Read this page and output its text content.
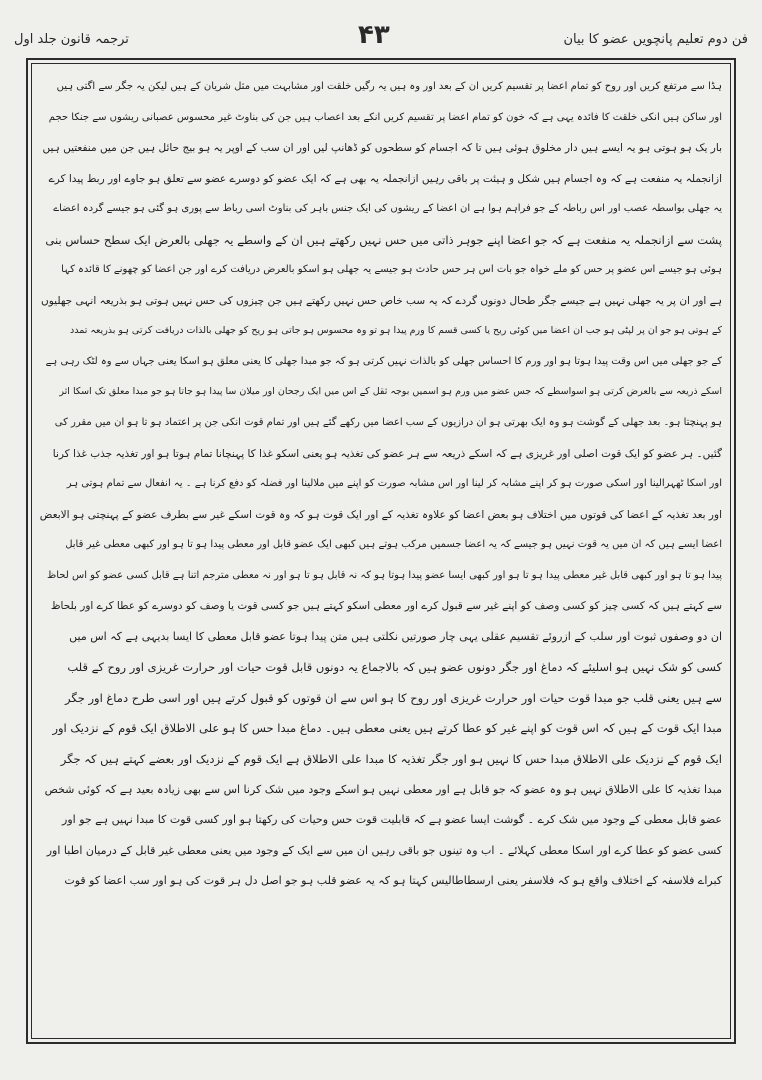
ترجمہ قانون جلد اول	۴۳	فن دوم تعلیم پانچویں عضو کا بیان
ہڈا سے مرتفع کریں اور روح کو تمام اعضا پر تقسیم کریں ان کے بعد اور وہ ہیں یہ رگیں خلقت اور مشابہت میں مثل شریان کے ہیں لیکن یہ جگر سے اگتی ہیں
اور ساکن ہیں انکی خلقت کا فائدہ یہی ہے کہ خون کو تمام اعضا پر تقسیم کریں انکے بعد اعصاب ہیں جن کی بناوٹ غیر محسوس عصبانی ریشوں سے جنکا حجم
بار یک ہو ہوتی ہو یہ ایسے ہیں دار مخلوق ہوئی ہیں تا کہ اجسام کو سطحوں کو ڈھانپ لیں اور ان سب کے اوپر یہ ہو بیج حائل ہیں جن میں منفعتیں ہیں
ازانجملہ یہ منفعت ہے کہ وہ اجسام ہیں شکل و ہیئت پر باقی رہیں ازانجملہ یہ بھی ہے کہ ایک عضو کو دوسرے عضو سے تعلق ہو جاوے اور ربط پیدا کرے
یہ جھلی بواسطہ عصب اور اس رباطہ کے جو فراہم ہوا ہے ان اعضا کے ریشوں کی ایک جنس باہر کی بناوٹ اسی رباط سے پوری ہو گئی ہو جیسے گردہ اعضاے
پشت سے ازانجملہ یہ منفعت ہے کہ جو اعضا اپنے جوہر ذاتی میں حس نہیں رکھتے ہیں ان کے واسطے یہ جھلی بالعرض ایک سطح حساس بنی
ہوئی ہو جیسے اس عضو پر حس کو ملے خواہ جو بات اس ہر حس حادث ہو جیسے یہ جھلی ہو اسکو بالعرض دریافت کرے اور جن اعضا کو چھونے کا قائدہ کہا
ہے اور ان پر یہ جھلی نہیں ہے جیسے جگر طحال دونوں گردے کہ یہ سب خاص حس نہیں رکھتے ہیں جن چیزوں کی حس نہیں ہوتی ہو بذریعہ انہی جھلیوں
کے ہوتی ہو جو ان پر لپٹی ہو جب ان اعضا میں کوئی ریح یا کسی قسم کا ورم پیدا ہو تو وہ محسوس ہو جاتی ہو ریح کو جھلی بالذات دریافت کرتی ہو بذریعہ تمدد
کے جو جھلی میں اس وقت پیدا ہوتا ہو اور ورم کا احساس جھلی کو بالذات نہیں کرتی ہو کہ جو مبدا جھلی کا یعنی معلق ہو اسکا یعنی جہاں سے وہ لٹک رہی ہے
اسکے ذریعہ سے بالعرض کرتی ہو اسواسطے کہ جس عضو میں ورم ہو اسمیں بوجہ ثقل کے اس میں ایک رجحان اور میلان سا پیدا ہو جاتا ہو جو مبدا معلق تک اسکا اثر
ہو پہنچتا ہو۔ بعد جھلی کے گوشت ہو وہ ایک بھرتی ہو ان درازیوں کے سب اعضا میں رکھے گئے ہیں اور تمام قوت انکی جن پر اعتماد ہو تا ہو ان میں مقرر کی
گئیں۔ ہر عضو کو ایک قوت اصلی اور غریزی ہے کہ اسکے ذریعہ سے ہر عضو کی تغذیہ ہو یعنی اسکو غذا کا پہنچانا تمام ہوتا ہو اور تغذیہ جذب غذا کرنا
اور اسکا ٹھہرالینا اور اسکی صورت ہو کر اپنے مشابہ کر لینا اور اس مشابہ صورت کو اپنے میں ملالینا اور فضلہ کو دفع کرنا ہے ۔ یہ انفعال سے تمام ہوتی ہر
اور بعد تغذیہ کے اعضا کی قوتوں میں اختلاف ہو بعض اعضا کو علاوہ تغذیہ کے اور ایک قوت ہو کہ وہ قوت اسکے غیر سے بطرف عضو کے پہنچتی ہو الابعض
اعضا ایسے ہیں کہ ان میں یہ قوت نہیں ہو جیسے کہ یہ اعضا جسمیں مرکب ہوتے ہیں کبھی ایک عضو قابل اور معطی پیدا ہو تا ہو اور کبھی معطی غیر قابل
پیدا ہو تا ہو اور کبھی قابل غیر معطی پیدا ہو تا ہو اور کبھی ایسا عضو پیدا ہوتا ہو کہ نہ قابل ہو تا ہو اور نہ معطی مترجم اتنا ہے قابل کسی عضو کو اس لحاظ
سے کہتے ہیں کہ کسی چیز کو کسی وصف کو اپنے غیر سے قبول کرے اور معطی اسکو کہتے ہیں جو کسی قوت یا وصف کو دوسرے کو عطا کرے اور بلحاظ
ان دو وصفوں ثبوت اور سلب کے ازروئے تقسیم عقلی یہی چار صورتیں نکلتی ہیں متن پیدا ہوتا عضو قابل معطی کا ایسا بدیہی ہے کہ اس میں
کسی کو شک نہیں ہو اسلیئے کہ دماغ اور جگر دونوں عضو ہیں کہ بالاجماع یہ دونوں قابل قوت حیات اور حرارت غریزی اور روح کے قلب
سے ہیں یعنی قلب جو مبدا قوت حیات اور حرارت غریزی اور روح کا ہو اس سے ان قوتوں کو قبول کرتے ہیں اور اسی طرح دماغ اور جگر
مبدا ایک قوت کے ہیں کہ اس قوت کو اپنے غیر کو عطا کرتے ہیں یعنی معطی ہیں۔ دماغ مبدا حس کا ہو علی الاطلاق ایک قوم کے نزدیک اور
ایک قوم کے نزدیک علی الاطلاق مبدا حس کا نہیں ہو اور جگر تغذیہ کا مبدا علی الاطلاق ہے ایک قوم کے نزدیک اور بعضے کہتے ہیں کہ جگر
مبدا تغذیہ کا علی الاطلاق نہیں ہو وہ عضو کہ جو قابل ہے اور معطی نہیں ہو اسکے وجود میں شک کرنا اس سے بھی زیادہ بعید ہے کہ کوئی شخص
عضو قابل معطی کے وجود میں شک کرے ۔ گوشت ایسا عضو ہے کہ قابلیت قوت حس وحیات کی رکھتا ہو اور کسی قوت کا مبدا نہیں ہے جو اور
کسی عضو کو عطا کرے اور اسکا معطی کہلائے ۔ اب وہ تینوں جو باقی رہیں ان میں سے ایک کے وجود میں یعنی معطی غیر قابل کے درمیان اطبا اور
کبراے فلاسفہ کے اختلاف واقع ہو کہ فلاسفر یعنی ارسطاطالیس کہتا ہو کہ یہ عضو قلب ہو جو اصل دل ہر قوت کی ہو اور سب اعضا کو قوت
